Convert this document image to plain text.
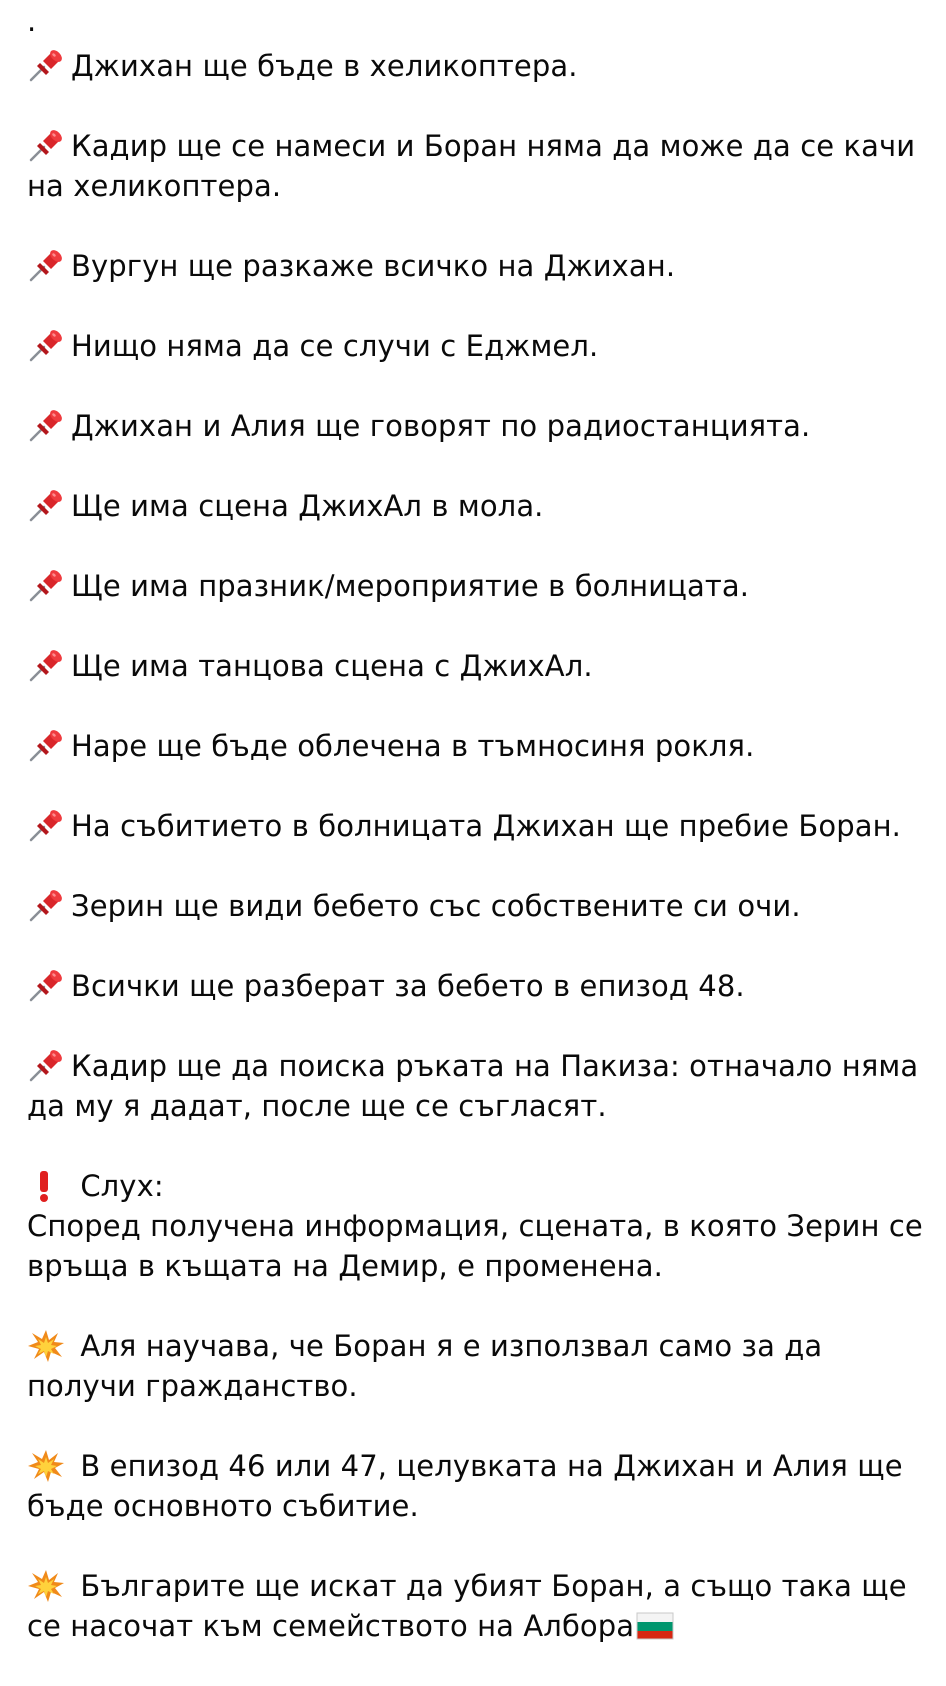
.

Джихан ще бъде в хеликоптера.

Кадир ще се намеси и Боран няма да може да се качи на хеликоптера.

Вургун ще разкаже всичко на Джихан.

Нищо няма да се случи с Еджмел.

Джихан и Алия ще говорят по радиостанцията.

Ще има сцена ДжихАл в мола.

Ще има празник/мероприятие в болницата.

Ще има танцова сцена с ДжихАл.

Наре ще бъде облечена в тъмносиня рокля.

На събитието в болницата Джихан ще пребие Боран.

Зерин ще види бебето със собствените си очи.

Всички ще разберат за бебето в епизод 48.

Кадир ще да поиска ръката на Пакиза: отначало няма да му я дадат, после ще се съгласят.

Слух:

Според получена информация, сцената, в която Зерин се връща в къщата на Демир, е променена.

Аля научава, че Боран я е използвал само за да получи гражданство.

В епизод 46 или 47, целувката на Джихан и Алия ще бъде основното събитие.

Българите ще искат да убият Боран, а също така ще се насочат към семейството на Албора
